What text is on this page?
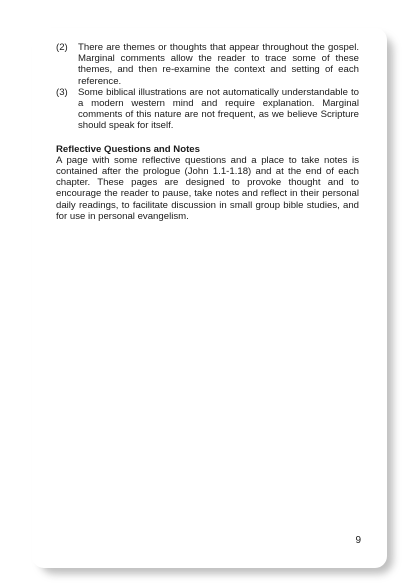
(2)	There are themes or thoughts that appear throughout the gospel. Marginal comments allow the reader to trace some of these themes, and then re-examine the context and setting of each reference.
(3)	Some biblical illustrations are not automatically understandable to a modern western mind and require explanation. Marginal comments of this nature are not frequent, as we believe Scripture should speak for itself.
Reflective Questions and Notes
A page with some reflective questions and a place to take notes is contained after the prologue (John 1.1-1.18) and at the end of each chapter. These pages are designed to provoke thought and to encourage the reader to pause, take notes and reflect in their personal daily readings, to facilitate discussion in small group bible studies, and for use in personal evangelism.
9
